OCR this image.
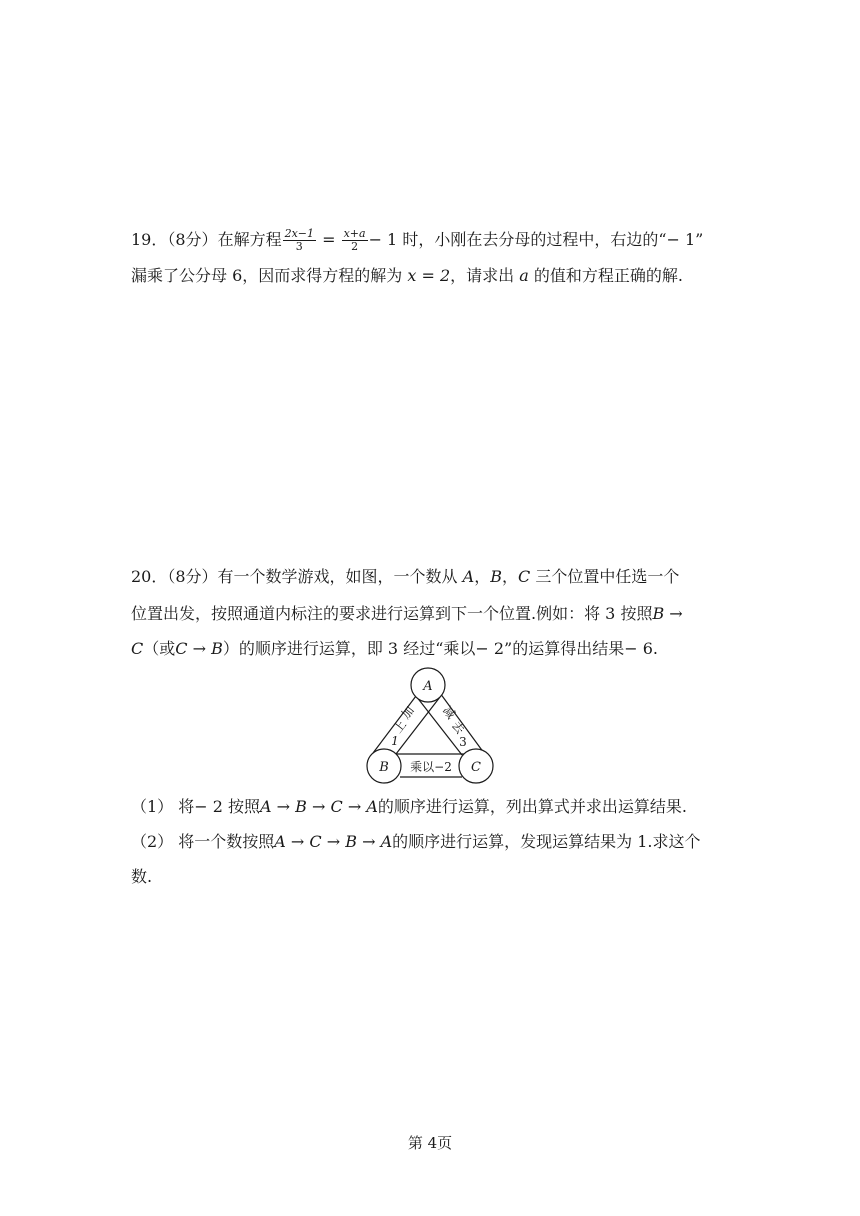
19．（8分）在解方程 $\frac{2x-1}{3} = \frac{x+a}{2} - 1$ 时，小刚在去分母的过程中，右边的“− 1”
漏乘了公分母 6，因而求得方程的解为 x = 2，请求出 a 的值和方程正确的解.
20．（8分）有一个数学游戏，如图，一个数从 A，B，C 三个位置中任选一个
位置出发，按照通道内标注的要求进行运算到下一个位置.例如：将 3 按照B →
C（或C → B）的顺序进行运算，即 3 经过“乘以− 2”的运算得出结果− 6.
A
B	C
加
上
1
减
去
3
乘以−2
（1） 将− 2 按照A → B → C → A的顺序进行运算，列出算式并求出运算结果.
（2） 将一个数按照A → C → B → A的顺序进行运算，发现运算结果为 1.求这个
数.
第 4页
